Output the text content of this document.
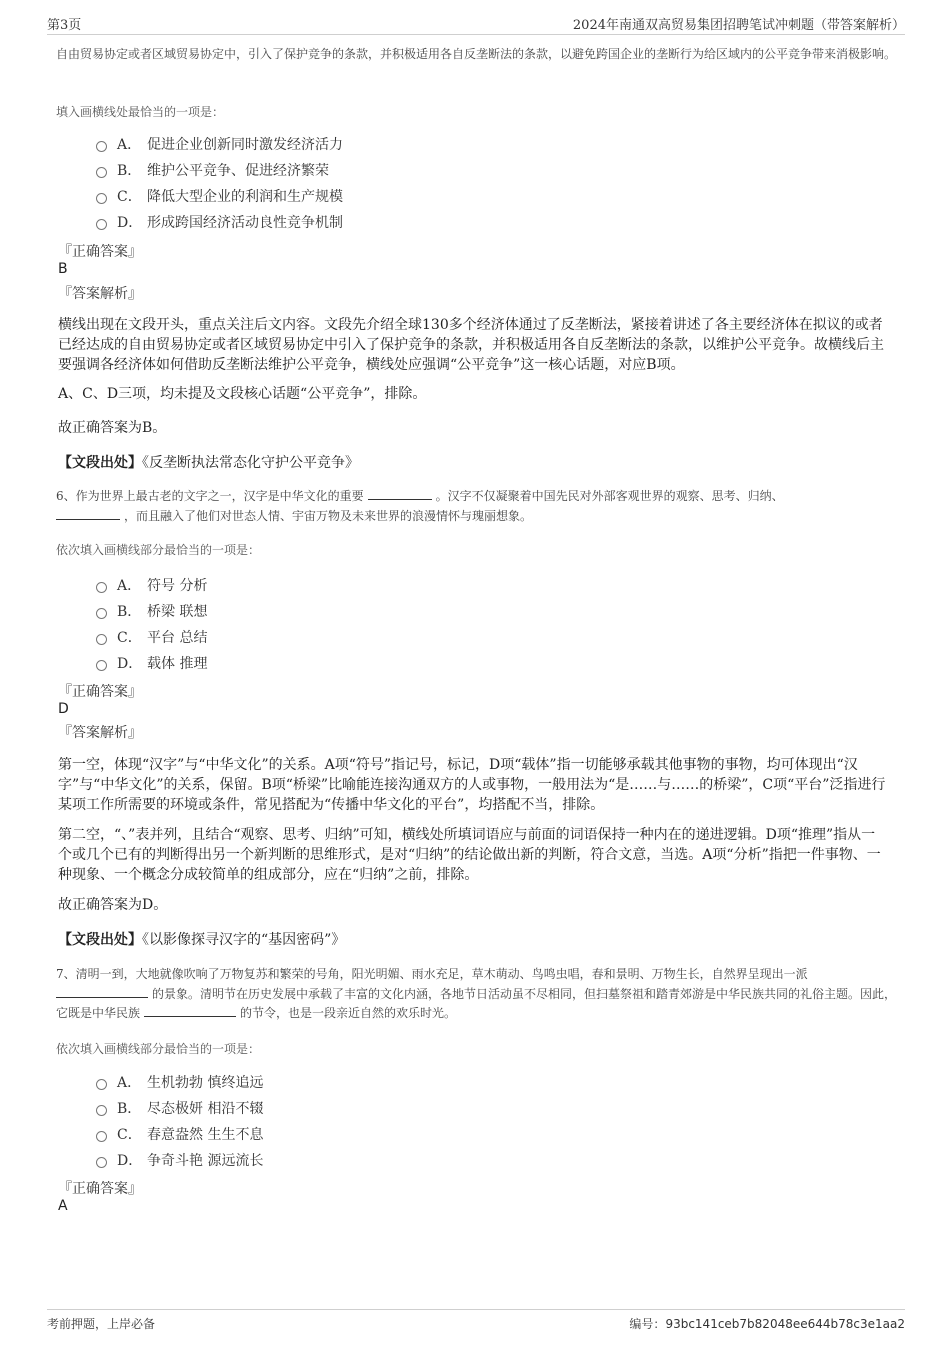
第3页	2024年南通双高贸易集团招聘笔试冲刺题（带答案解析）
自由贸易协定或者区域贸易协定中，引入了保护竞争的条款，并积极适用各自反垄断法的条款，以避免跨国企业的垄断行为给区域内的公平竞争带来消极影响。
填入画横线处最恰当的一项是：
A． 促进企业创新同时激发经济活力
B． 维护公平竞争、促进经济繁荣
C． 降低大型企业的利润和生产规模
D． 形成跨国经济活动良性竞争机制
『正确答案』
B
『答案解析』
横线出现在文段开头，重点关注后文内容。文段先介绍全球130多个经济体通过了反垄断法，紧接着讲述了各主要经济体在拟议的或者已经达成的自由贸易协定或者区域贸易协定中引入了保护竞争的条款，并积极适用各自反垄断法的条款，以维护公平竞争。故横线后主要强调各经济体如何借助反垄断法维护公平竞争，横线处应强调“公平竞争”这一核心话题，对应B项。
A、C、D三项，均未提及文段核心话题“公平竞争”，排除。
故正确答案为B。
【文段出处】《反垄断执法常态化守护公平竞争》
6、作为世界上最古老的文字之一，汉字是中华文化的重要	。汉字不仅凝聚着中国先民对外部客观世界的观察、思考、归纳、
，而且融入了他们对世态人情、宇宙万物及未来世界的浪漫情怀与瑰丽想象。
依次填入画横线部分最恰当的一项是：
A． 符号 分析
B． 桥梁 联想
C． 平台 总结
D． 载体 推理
『正确答案』
D
『答案解析』
第一空，体现“汉字”与“中华文化”的关系。A项“符号”指记号，标记，D项“载体”指一切能够承载其他事物的事物，均可体现出“汉字”与“中华文化”的关系，保留。B项“桥梁”比喻能连接沟通双方的人或事物，一般用法为“是……与……的桥梁”，C项“平台”泛指进行某项工作所需要的环境或条件，常见搭配为“传播中华文化的平台”，均搭配不当，排除。
第二空，“、”表并列，且结合“观察、思考、归纳”可知，横线处所填词语应与前面的词语保持一种内在的递进逻辑。D项“推理”指从一个或几个已有的判断得出另一个新判断的思维形式，是对“归纳”的结论做出新的判断，符合文意，当选。A项“分析”指把一件事物、一种现象、一个概念分成较简单的组成部分，应在“归纳”之前，排除。
故正确答案为D。
【文段出处】《以影像探寻汉字的“基因密码”》
7、清明一到，大地就像吹响了万物复苏和繁荣的号角，阳光明媚、雨水充足，草木萌动、鸟鸣虫唱，春和景明、万物生长，自然界呈现出一派的景象。清明节在历史发展中承载了丰富的文化内涵，各地节日活动虽不尽相同，但扫墓祭祖和踏青郊游是中华民族共同的礼俗主题。因此，它既是中华民族	的节令，也是一段亲近自然的欢乐时光。
依次填入画横线部分最恰当的一项是：
A． 生机勃勃 慎终追远
B． 尽态极妍 相沿不辍
C． 春意盎然 生生不息
D． 争奇斗艳 源远流长
『正确答案』
A
考前押题，上岸必备	编号：93bc141ceb7b82048ee644b78c3e1aa2
